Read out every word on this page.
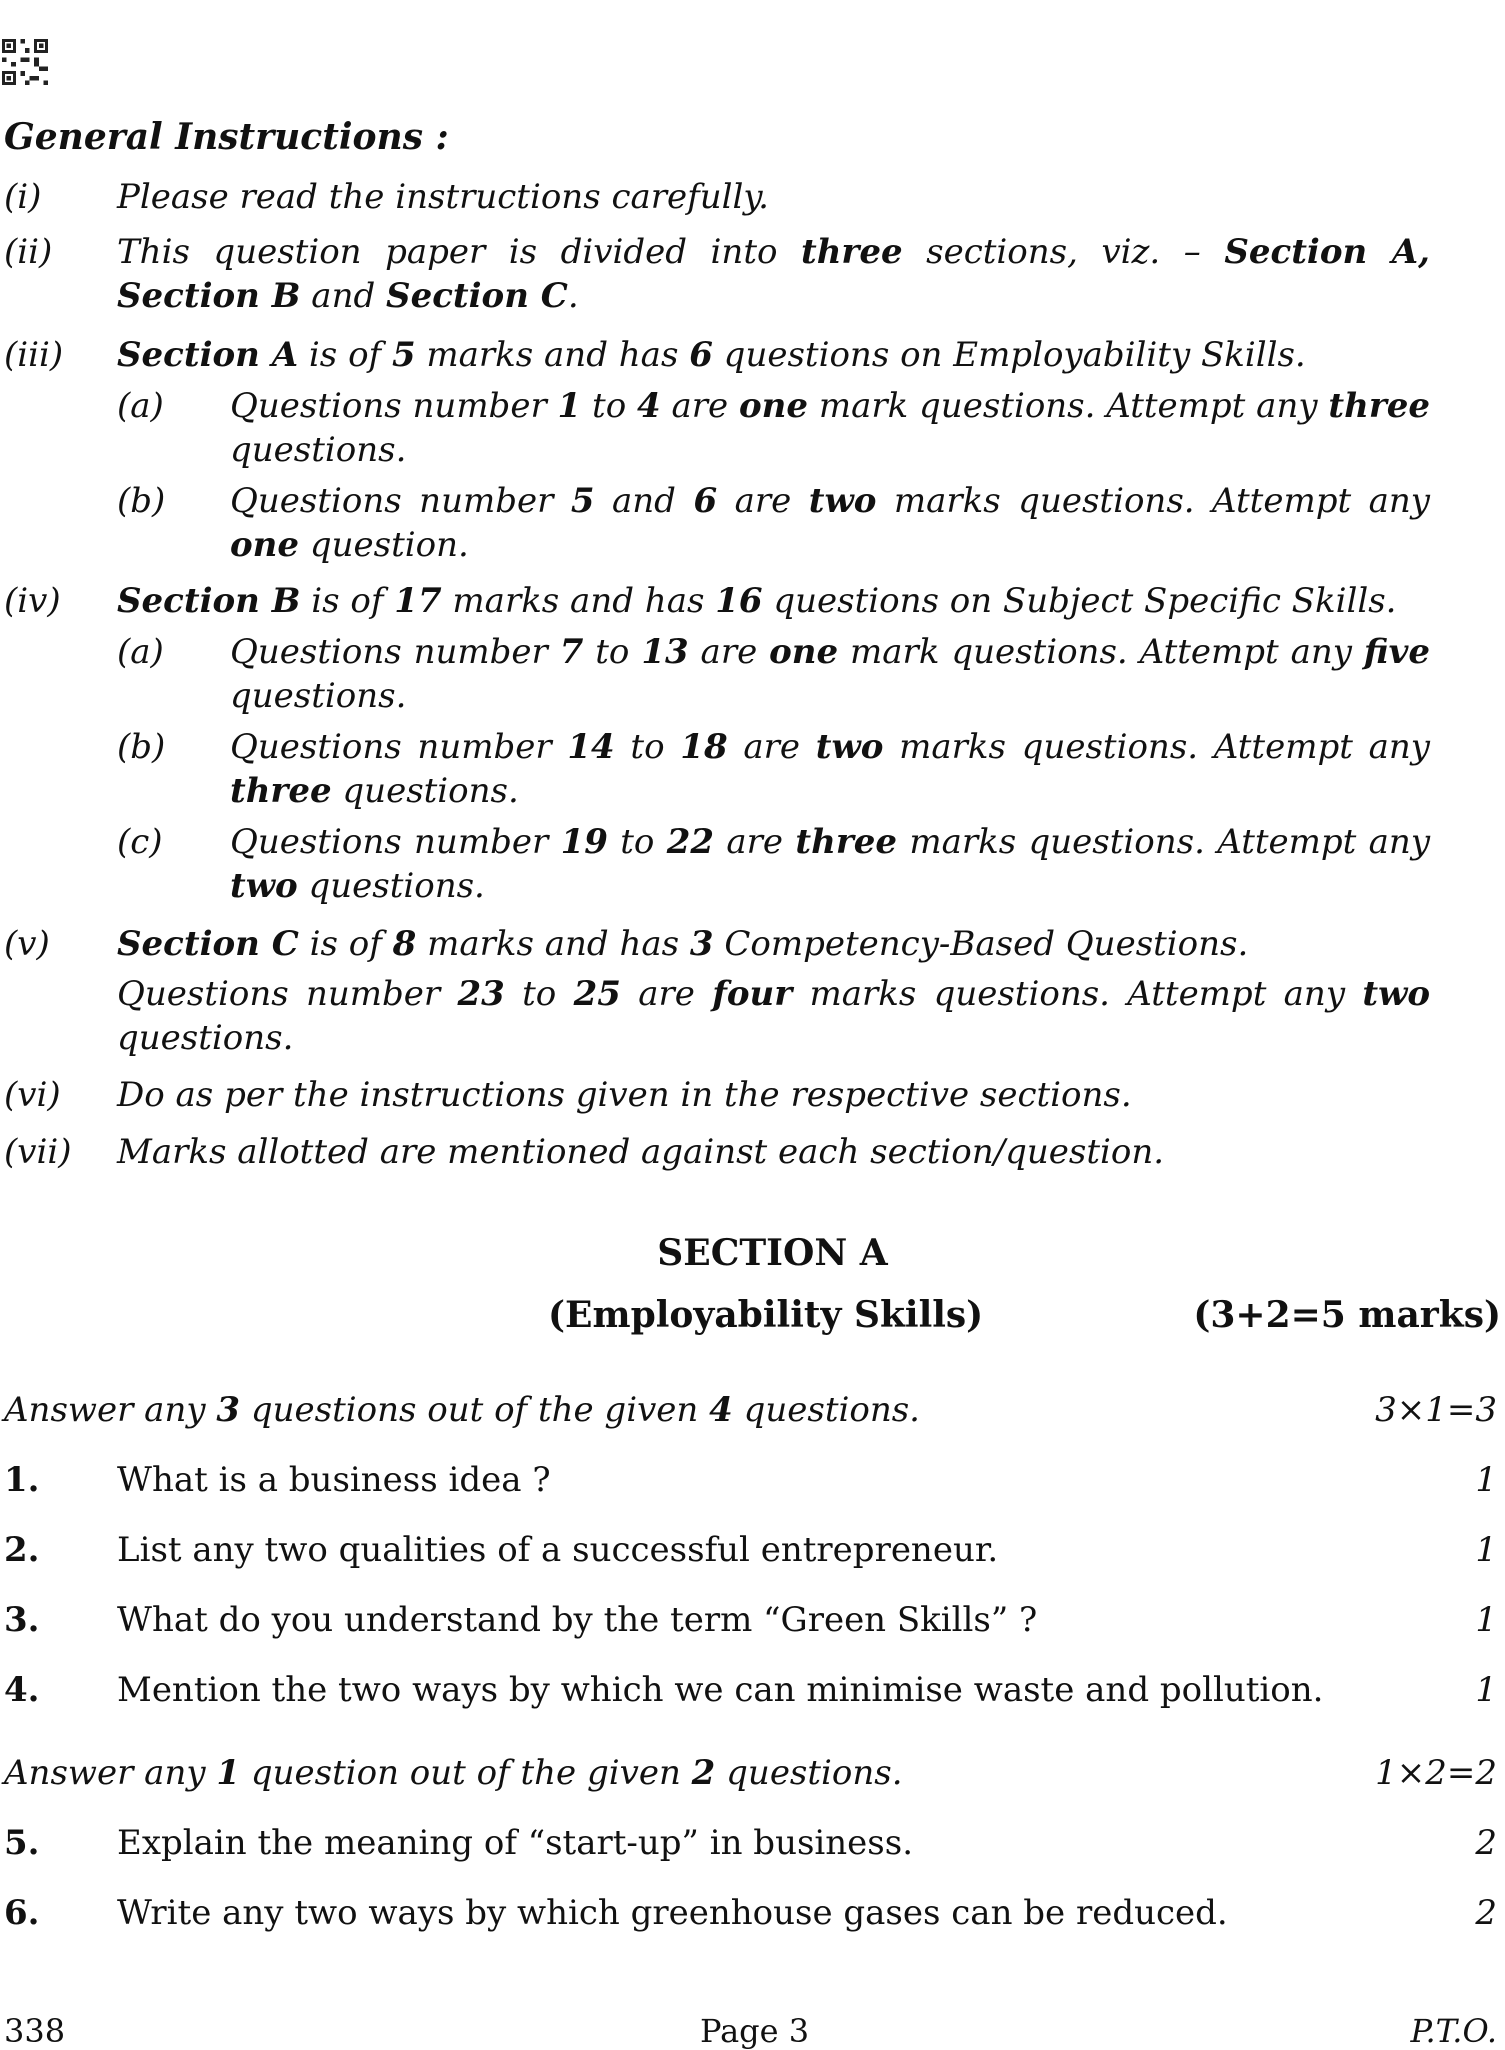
General Instructions :
(i) Please read the instructions carefully.
(ii) This question paper is divided into three sections, viz. – Section A, Section B and Section C.
(iii) Section A is of 5 marks and has 6 questions on Employability Skills.
(a) Questions number 1 to 4 are one mark questions. Attempt any three questions.
(b) Questions number 5 and 6 are two marks questions. Attempt any one question.
(iv) Section B is of 17 marks and has 16 questions on Subject Specific Skills.
(a) Questions number 7 to 13 are one mark questions. Attempt any five questions.
(b) Questions number 14 to 18 are two marks questions. Attempt any three questions.
(c) Questions number 19 to 22 are three marks questions. Attempt any two questions.
(v) Section C is of 8 marks and has 3 Competency-Based Questions.
Questions number 23 to 25 are four marks questions. Attempt any two questions.
(vi) Do as per the instructions given in the respective sections.
(vii) Marks allotted are mentioned against each section/question.
SECTION A
(Employability Skills)	(3+2=5 marks)
Answer any 3 questions out of the given 4 questions.	3×1=3
1. What is a business idea ?	1
2. List any two qualities of a successful entrepreneur.	1
3. What do you understand by the term “Green Skills” ?	1
4. Mention the two ways by which we can minimise waste and pollution.	1
Answer any 1 question out of the given 2 questions.	1×2=2
5. Explain the meaning of “start-up” in business.	2
6. Write any two ways by which greenhouse gases can be reduced.	2
338	Page 3	P.T.O.
